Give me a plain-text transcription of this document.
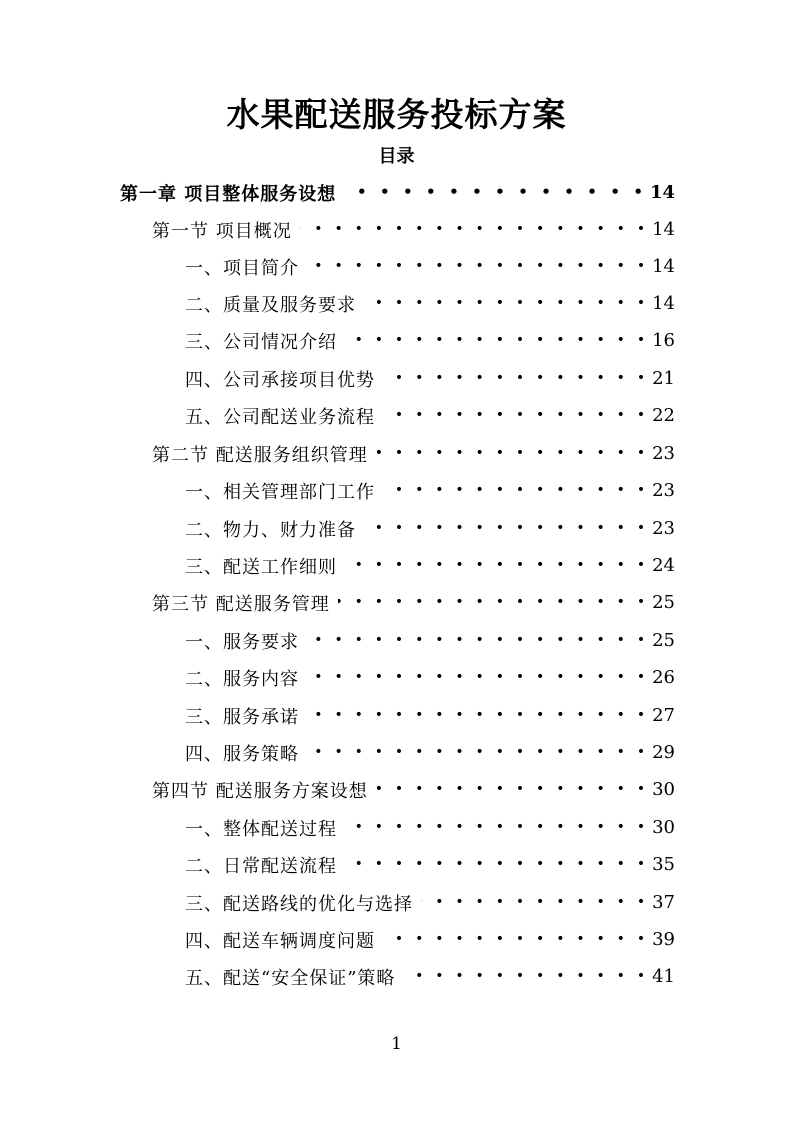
水果配送服务投标方案
目录
第一章 项目整体服务设想 • •	14
第一节 项目概况 • •	14
一、项目简介 • •	14
二、质量及服务要求 • •	14
三、公司情况介绍 • •	16
四、公司承接项目优势 • •	21
五、公司配送业务流程 • •	22
第二节 配送服务组织管理 • •	23
一、相关管理部门工作 • •	23
二、物力、财力准备 • •	23
三、配送工作细则 • •	24
第三节 配送服务管理 • •	25
一、服务要求 • •	25
二、服务内容 • •	26
三、服务承诺 • •	27
四、服务策略 • •	29
第四节 配送服务方案设想 • •	30
一、整体配送过程 • •	30
二、日常配送流程 • •	35
三、配送路线的优化与选择 • •	37
四、配送车辆调度问题 • •	39
五、配送“安全保证”策略 • •	41
1
